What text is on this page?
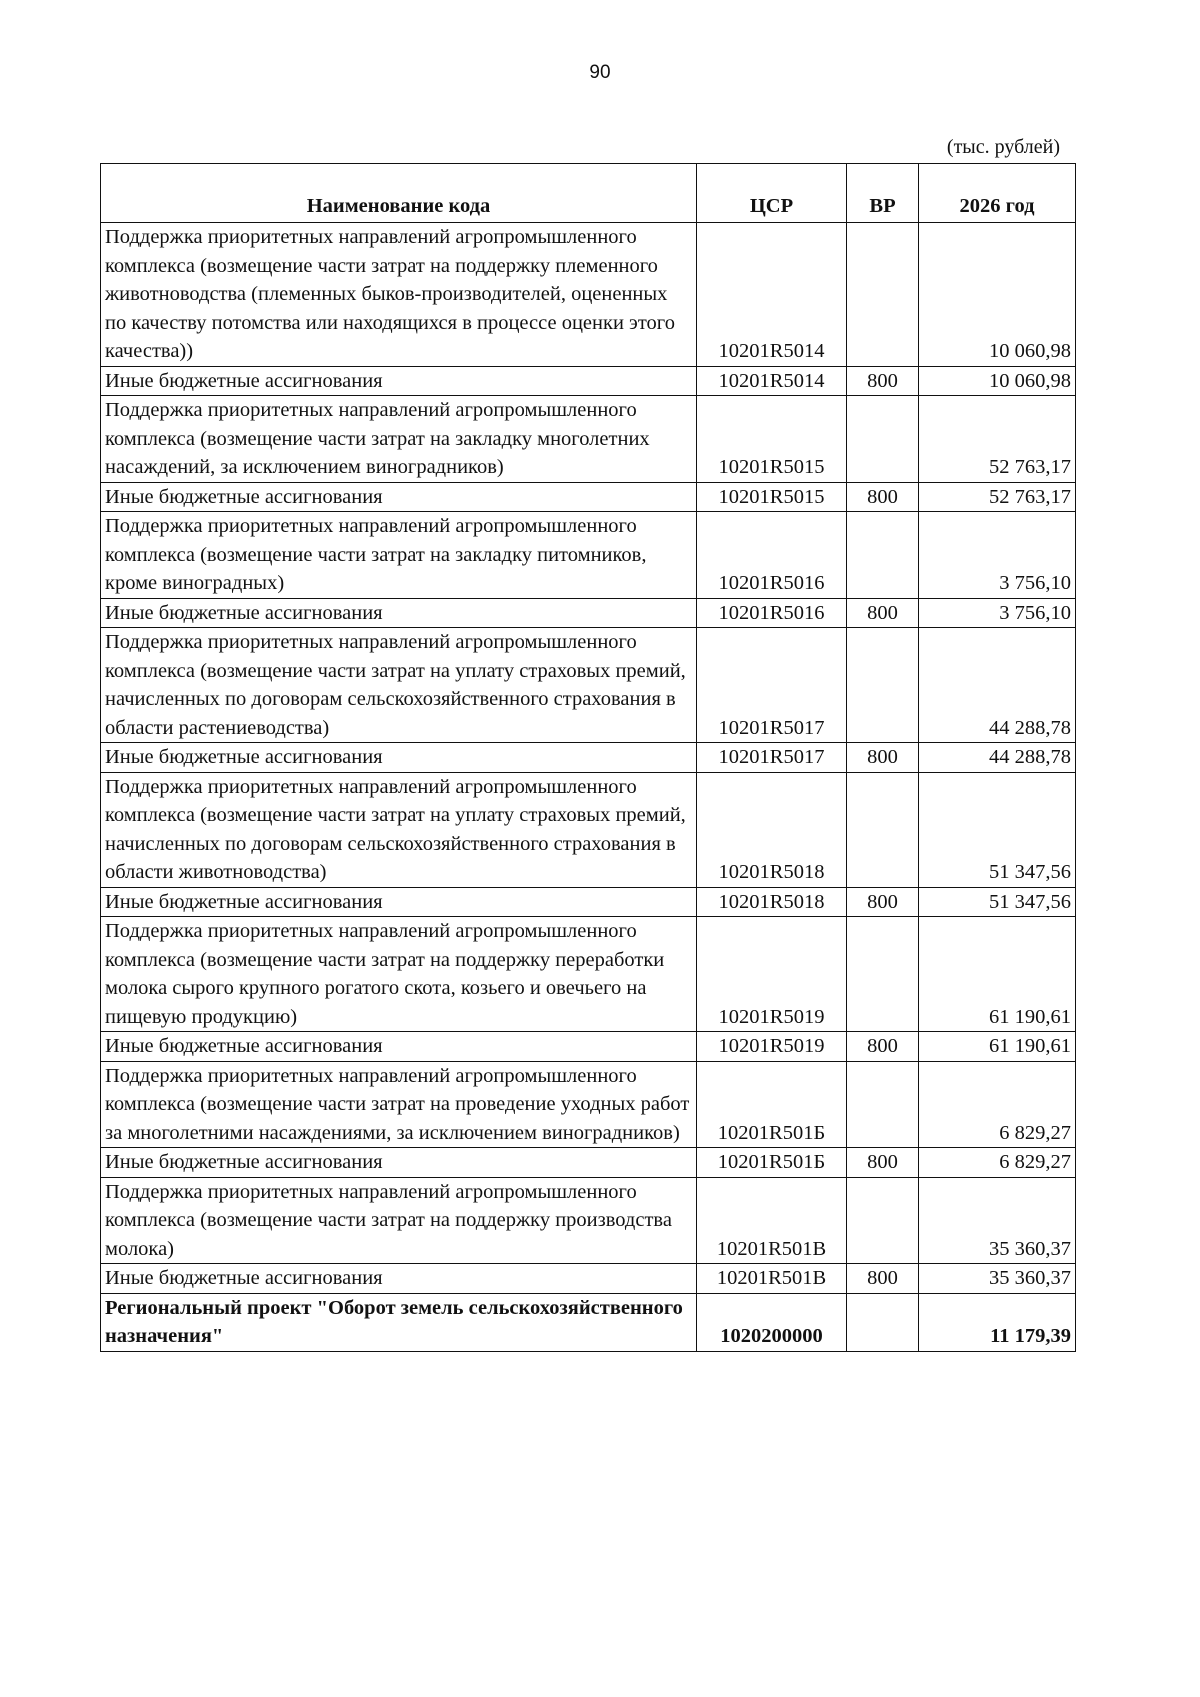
90
(тыс. рублей)
Наименование кода	ЦСР	ВР	2026 год
Поддержка приоритетных направлений агропромышленного комплекса (возмещение части затрат на поддержку племенного животноводства (племенных быков-производителей, оцененных по качеству потомства или находящихся в процессе оценки этого качества))	10201R5014		10 060,98
Иные бюджетные ассигнования	10201R5014	800	10 060,98
Поддержка приоритетных направлений агропромышленного комплекса (возмещение части затрат на закладку многолетних насаждений, за исключением виноградников)	10201R5015		52 763,17
Иные бюджетные ассигнования	10201R5015	800	52 763,17
Поддержка приоритетных направлений агропромышленного комплекса (возмещение части затрат на закладку питомников, кроме виноградных)	10201R5016		3 756,10
Иные бюджетные ассигнования	10201R5016	800	3 756,10
Поддержка приоритетных направлений агропромышленного комплекса (возмещение части затрат на уплату страховых премий, начисленных по договорам сельскохозяйственного страхования в области растениеводства)	10201R5017		44 288,78
Иные бюджетные ассигнования	10201R5017	800	44 288,78
Поддержка приоритетных направлений агропромышленного комплекса (возмещение части затрат на уплату страховых премий, начисленных по договорам сельскохозяйственного страхования в области животноводства)	10201R5018		51 347,56
Иные бюджетные ассигнования	10201R5018	800	51 347,56
Поддержка приоритетных направлений агропромышленного комплекса (возмещение части затрат на поддержку переработки молока сырого крупного рогатого скота, козьего и овечьего на пищевую продукцию)	10201R5019		61 190,61
Иные бюджетные ассигнования	10201R5019	800	61 190,61
Поддержка приоритетных направлений агропромышленного комплекса (возмещение части затрат на проведение уходных работ за многолетними насаждениями, за исключением виноградников)	10201R501Б		6 829,27
Иные бюджетные ассигнования	10201R501Б	800	6 829,27
Поддержка приоритетных направлений агропромышленного комплекса (возмещение части затрат на поддержку производства молока)	10201R501В		35 360,37
Иные бюджетные ассигнования	10201R501В	800	35 360,37
Региональный проект "Оборот земель сельскохозяйственного назначения"	1020200000		11 179,39
